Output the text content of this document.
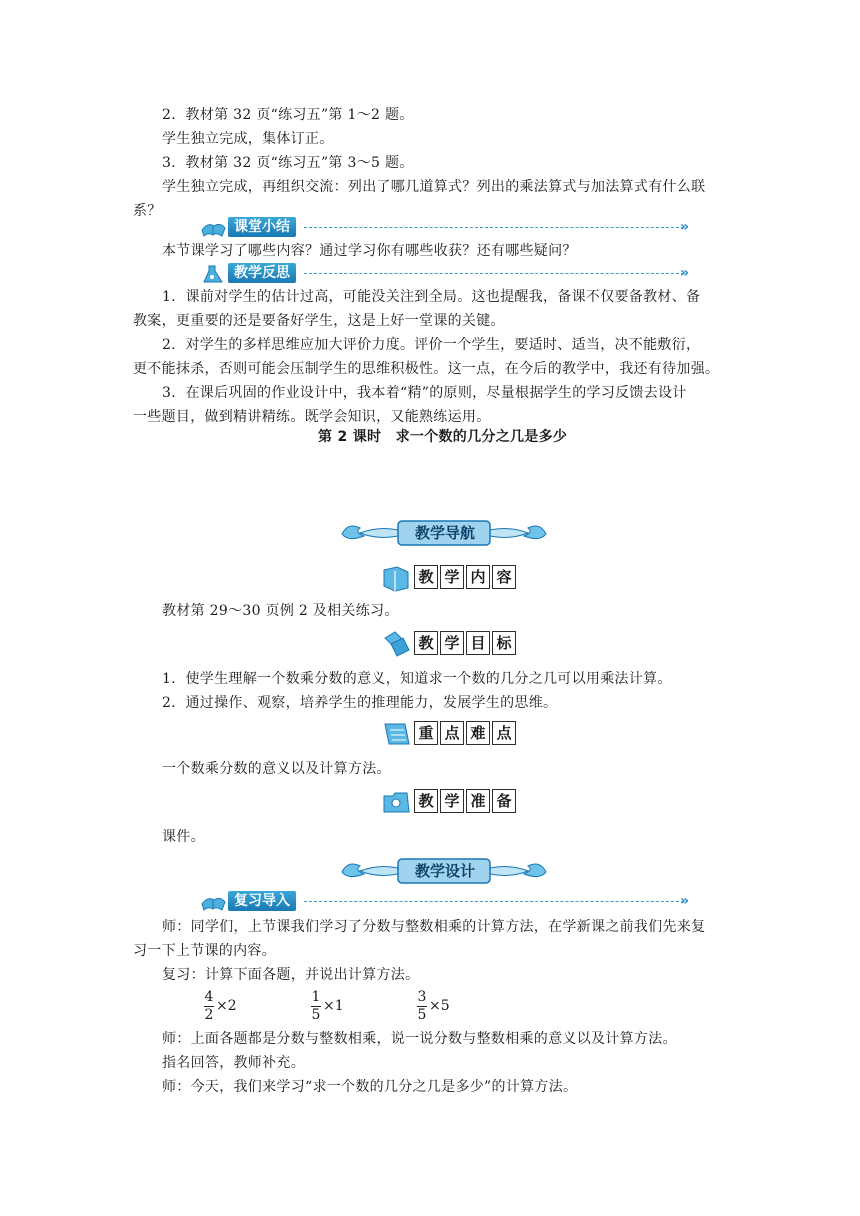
2．教材第 32 页“练习五”第 1～2 题。
学生独立完成，集体订正。
3．教材第 32 页“练习五”第 3～5 题。
学生独立完成，再组织交流：列出了哪几道算式？列出的乘法算式与加法算式有什么联
系？
课堂小结	»
本节课学习了哪些内容？通过学习你有哪些收获？还有哪些疑问？
教学反思	»
1．课前对学生的估计过高，可能没关注到全局。这也提醒我，备课不仅要备教材、备
教案，更重要的还是要备好学生，这是上好一堂课的关键。
2．对学生的多样思维应加大评价力度。评价一个学生，要适时、适当，决不能敷衍，
更不能抹杀，否则可能会压制学生的思维积极性。这一点，在今后的教学中，我还有待加强。
3．在课后巩固的作业设计中，我本着“精”的原则，尽量根据学生的学习反馈去设计
一些题目，做到精讲精练。既学会知识，又能熟练运用。
第 2 课时　求一个数的几分之几是多少
教学导航
教 学 内 容
教材第 29～30 页例 2 及相关练习。
教 学 目 标
1．使学生理解一个数乘分数的意义，知道求一个数的几分之几可以用乘法计算。
2．通过操作、观察，培养学生的推理能力，发展学生的思维。
重 点 难 点
一个数乘分数的意义以及计算方法。
教 学 准 备
课件。
教学设计
复习导入	»
师：同学们，上节课我们学习了分数与整数相乘的计算方法，在学新课之前我们先来复
习一下上节课的内容。
复习：计算下面各题，并说出计算方法。
4
2
×2
1
5
×1
3
5
×5
师：上面各题都是分数与整数相乘，说一说分数与整数相乘的意义以及计算方法。
指名回答，教师补充。
师：今天，我们来学习“求一个数的几分之几是多少”的计算方法。
